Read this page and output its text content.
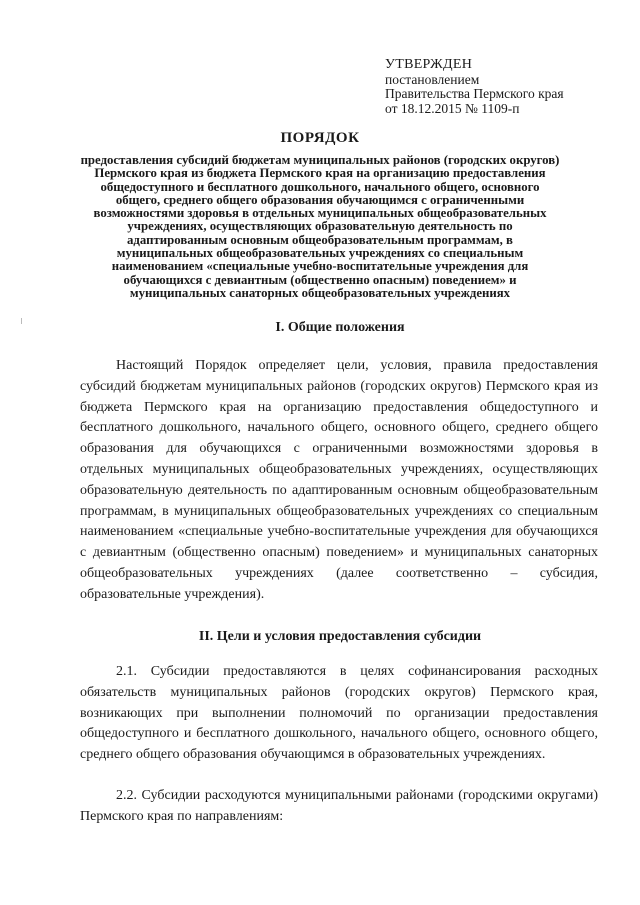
УТВЕРЖДЕН
постановлением
Правительства Пермского края
от 18.12.2015 № 1109-п
ПОРЯДОК
предоставления субсидий бюджетам муниципальных районов (городских округов) Пермского края из бюджета Пермского края на организацию предоставления общедоступного и бесплатного дошкольного, начального общего, основного общего, среднего общего образования обучающимся с ограниченными возможностями здоровья в отдельных муниципальных общеобразовательных учреждениях, осуществляющих образовательную деятельность по адаптированным основным общеобразовательным программам, в муниципальных общеобразовательных учреждениях со специальным наименованием «специальные учебно-воспитательные учреждения для обучающихся с девиантным (общественно опасным) поведением» и муниципальных санаторных общеобразовательных учреждениях
I. Общие положения

Настоящий Порядок определяет цели, условия, правила предоставления субсидий бюджетам муниципальных районов (городских округов) Пермского края из бюджета Пермского края на организацию предоставления общедоступного и бесплатного дошкольного, начального общего, основного общего, среднего общего образования для обучающихся с ограниченными возможностями здоровья в отдельных муниципальных общеобразовательных учреждениях, осуществляющих образовательную деятельность по адаптированным основным общеобразовательным программам, в муниципальных общеобразовательных учреждениях со специальным наименованием «специальные учебно-воспитательные учреждения для обучающихся с девиантным (общественно опасным) поведением» и муниципальных санаторных общеобразовательных учреждениях (далее соответственно – субсидия, образовательные учреждения).

II. Цели и условия предоставления субсидии

2.1. Субсидии предоставляются в целях софинансирования расходных обязательств муниципальных районов (городских округов) Пермского края, возникающих при выполнении полномочий по организации предоставления общедоступного и бесплатного дошкольного, начального общего, основного общего, среднего общего образования обучающимся в образовательных учреждениях.

2.2. Субсидии расходуются муниципальными районами (городскими округами) Пермского края по направлениям:
